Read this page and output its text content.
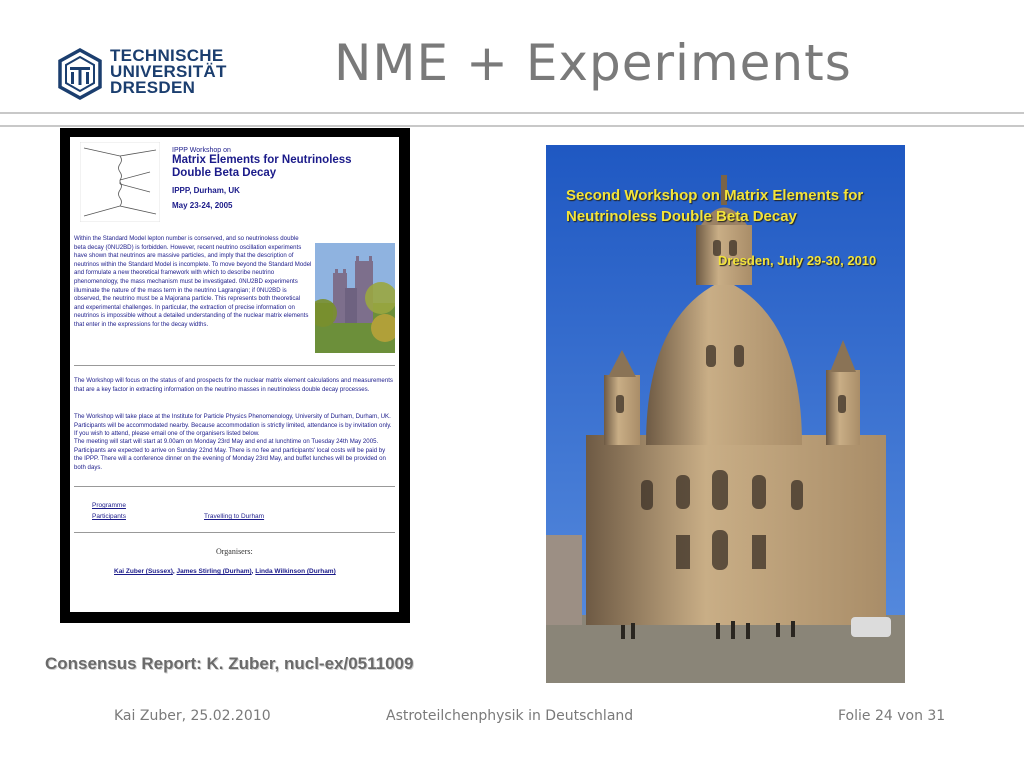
TECHNISCHE
UNIVERSITÄT
DRESDEN	NME + Experiments
IPPP Workshop on
Matrix Elements for Neutrinoless
Double Beta Decay
IPPP, Durham, UK
May 23-24, 2005
Within the Standard Model lepton number is conserved, and so neutrinoless double beta decay (0NU2BD) is forbidden. However, recent neutrino oscillation experiments have shown that neutrinos are massive particles, and imply that the description of neutrinos within the Standard Model is incomplete. To move beyond the Standard Model and formulate a new theoretical framework with which to describe neutrino phenomenology, the mass mechanism must be investigated. 0NU2BD experiments illuminate the nature of the mass term in the neutrino Lagrangian; if 0NU2BD is observed, the neutrino must be a Majorana particle. This represents both theoretical and experimental challenges. In particular, the extraction of precise information on neutrinos is impossible without a detailed understanding of the nuclear matrix elements that enter in the expressions for the decay widths.
The Workshop will focus on the status of and prospects for the nuclear matrix element calculations and measurements that are a key factor in extracting information on the neutrino masses in neutrinoless double decay processes.
The Workshop will take place at the Institute for Particle Physics Phenomenology, University of Durham, Durham, UK. Participants will be accommodated nearby. Because accommodation is strictly limited, attendance is by invitation only. If you wish to attend, please email one of the organisers listed below.
The meeting will start will start at 9.00am on Monday 23rd May and end at lunchtime on Tuesday 24th May 2005. Participants are expected to arrive on Sunday 22nd May. There is no fee and participants' local costs will be paid by the IPPP. There will a conference dinner on the evening of Monday 23rd May, and buffet lunches will be provided on both days.
Programme
Participants	Travelling to Durham
Organisers:
Kai Zuber (Sussex), James Stirling (Durham), Linda Wilkinson (Durham)
Second Workshop on Matrix Elements for
Neutrinoless Double Beta Decay
Dresden, July 29-30, 2010
Consensus Report: K. Zuber, nucl-ex/0511009
Kai Zuber, 25.02.2010	Astroteilchenphysik in Deutschland	Folie 24 von 31
